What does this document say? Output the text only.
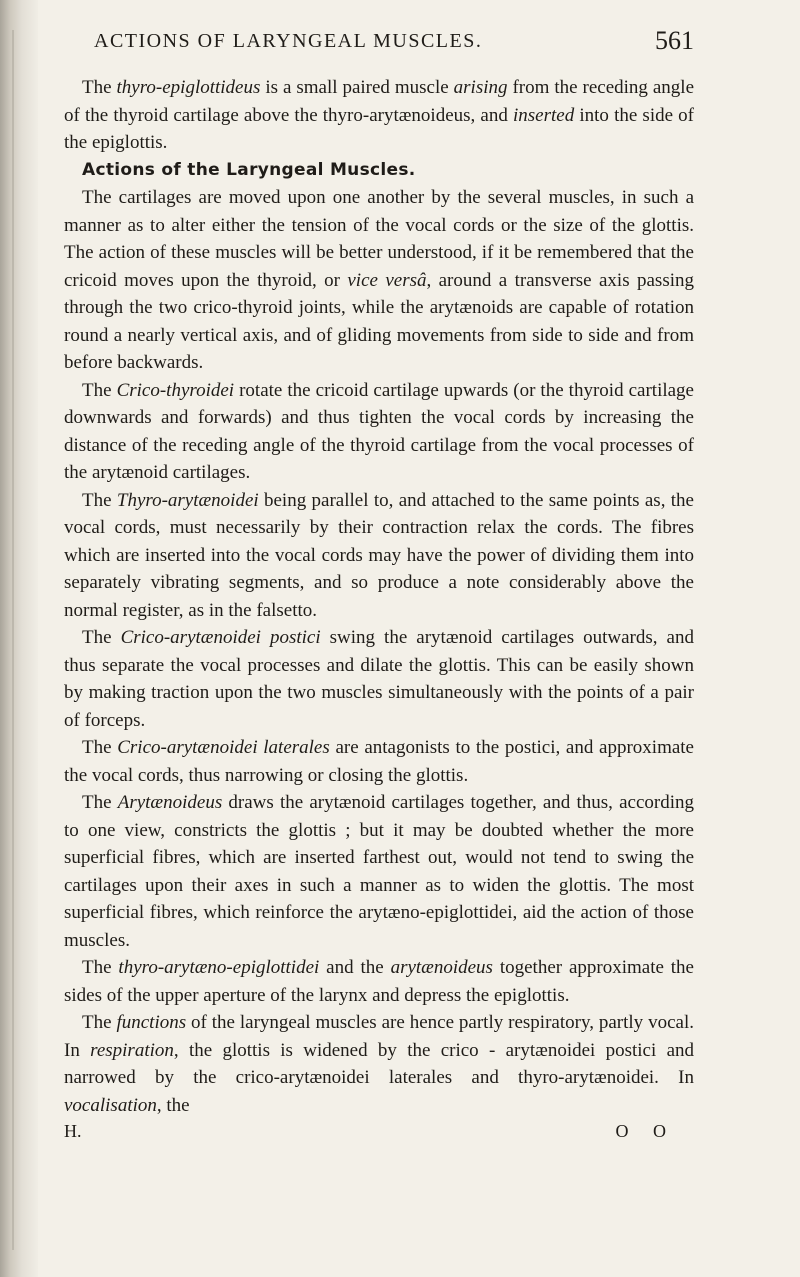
ACTIONS OF LARYNGEAL MUSCLES.	561

The thyro-epiglottideus is a small paired muscle arising from the receding angle of the thyroid cartilage above the thyro-arytænoideus, and inserted into the side of the epiglottis.

Actions of the Laryngeal Muscles.

The cartilages are moved upon one another by the several muscles, in such a manner as to alter either the tension of the vocal cords or the size of the glottis. The action of these muscles will be better understood, if it be remembered that the cricoid moves upon the thyroid, or vice versâ, around a transverse axis passing through the two crico-thyroid joints, while the arytænoids are capable of rotation round a nearly vertical axis, and of gliding movements from side to side and from before backwards.

The Crico-thyroidei rotate the cricoid cartilage upwards (or the thyroid cartilage downwards and forwards) and thus tighten the vocal cords by increasing the distance of the receding angle of the thyroid cartilage from the vocal processes of the arytænoid cartilages.

The Thyro-arytænoidei being parallel to, and attached to the same points as, the vocal cords, must necessarily by their contraction relax the cords. The fibres which are inserted into the vocal cords may have the power of dividing them into separately vibrating segments, and so produce a note considerably above the normal register, as in the falsetto.

The Crico-arytænoidei postici swing the arytænoid cartilages outwards, and thus separate the vocal processes and dilate the glottis. This can be easily shown by making traction upon the two muscles simultaneously with the points of a pair of forceps.

The Crico-arytænoidei laterales are antagonists to the postici, and approximate the vocal cords, thus narrowing or closing the glottis.

The Arytænoideus draws the arytænoid cartilages together, and thus, according to one view, constricts the glottis ; but it may be doubted whether the more superficial fibres, which are inserted farthest out, would not tend to swing the cartilages upon their axes in such a manner as to widen the glottis. The most superficial fibres, which reinforce the arytæno-epiglottidei, aid the action of those muscles.

The thyro-arytæno-epiglottidei and the arytænoideus together approximate the sides of the upper aperture of the larynx and depress the epiglottis.

The functions of the laryngeal muscles are hence partly respiratory, partly vocal. In respiration, the glottis is widened by the crico - arytænoidei postici and narrowed by the crico-arytænoidei laterales and thyro-arytænoidei. In vocalisation, the

H.	O O
